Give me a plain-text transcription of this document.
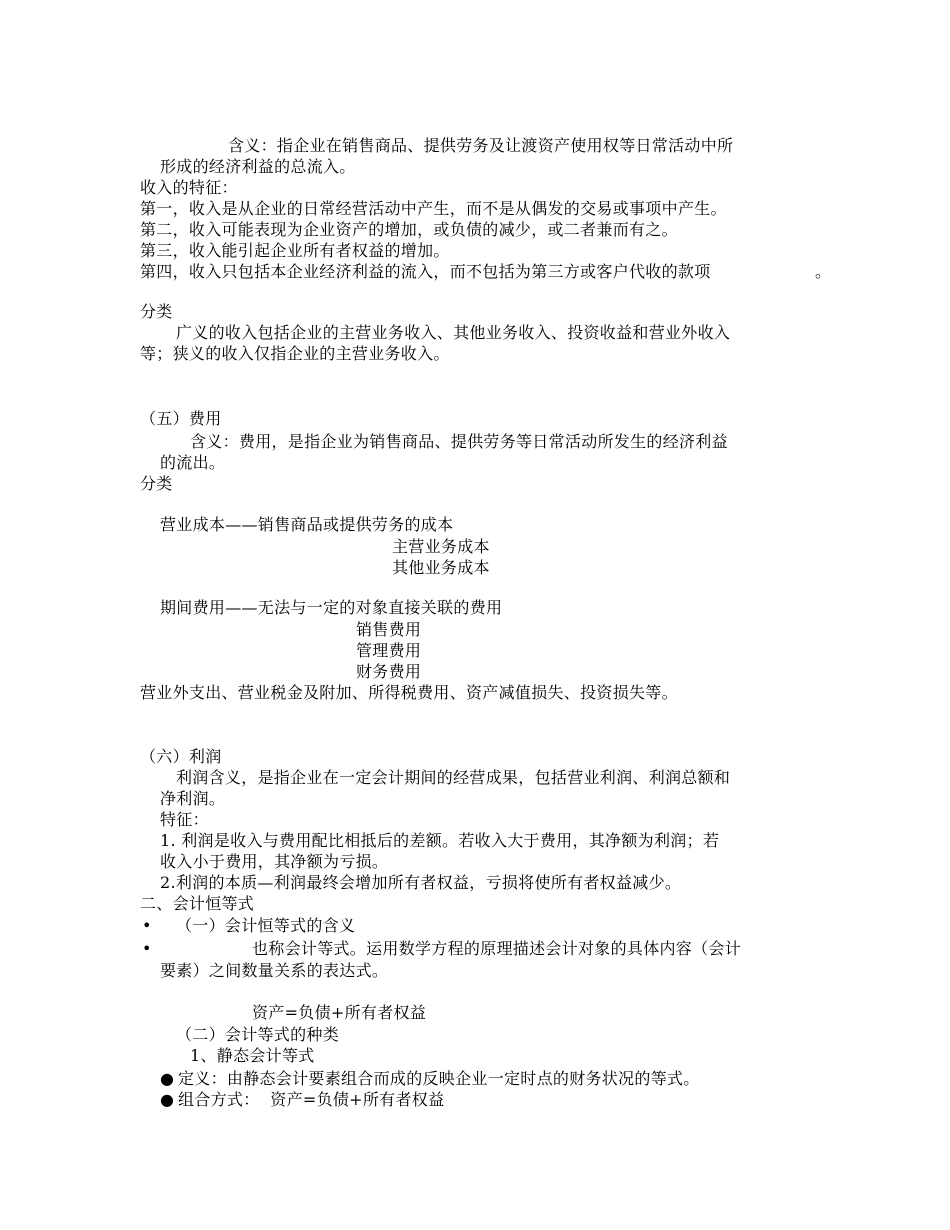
含义：指企业在销售商品、提供劳务及让渡资产使用权等日常活动中所
形成的经济利益的总流入。
收入的特征：
第一，收入是从企业的日常经营活动中产生，而不是从偶发的交易或事项中产生。
第二，收入可能表现为企业资产的增加，或负债的减少，或二者兼而有之。
第三，收入能引起企业所有者权益的增加。
第四，收入只包括本企业经济利益的流入，而不包括为第三方或客户代收的款项	。
分类
广义的收入包括企业的主营业务收入、其他业务收入、投资收益和营业外收入
等；狭义的收入仅指企业的主营业务收入。
（五）费用
含义：费用，是指企业为销售商品、提供劳务等日常活动所发生的经济利益
的流出。
分类
营业成本——销售商品或提供劳务的成本
主营业务成本
其他业务成本
期间费用——无法与一定的对象直接关联的费用
销售费用
管理费用
财务费用
营业外支出、营业税金及附加、所得税费用、资产减值损失、投资损失等。
（六）利润
利润含义，是指企业在一定会计期间的经营成果，包括营业利润、利润总额和
净利润。
特征：
1. 利润是收入与费用配比相抵后的差额。若收入大于费用，其净额为利润；若
收入小于费用，其净额为亏损。
2.利润的本质—利润最终会增加所有者权益，亏损将使所有者权益减少。
二、会计恒等式
• （一）会计恒等式的含义
•	也称会计等式。运用数学方程的原理描述会计对象的具体内容（会计
要素）之间数量关系的表达式。
资产=负债+所有者权益
（二）会计等式的种类
1、静态会计等式
● 定义：由静态会计要素组合而成的反映企业一定时点的财务状况的等式。
● 组合方式：  资产=负债+所有者权益
